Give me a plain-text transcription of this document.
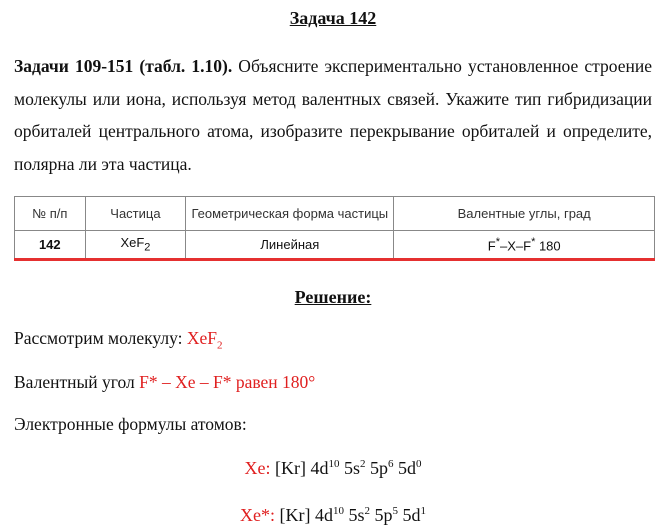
Задача 142
Задачи 109-151 (табл. 1.10). Объясните экспериментально установленное строение молекулы или иона, используя метод валентных связей. Укажите тип гибридизации орбиталей центрального атома, изобразите перекрывание орбиталей и определите, полярна ли эта частица.
№ п/п	Частица	Геометрическая форма частицы	Валентные углы, град
142	XeF$_2$	Линейная	F*–X–F* 180
Решение:
Рассмотрим молекулу: XeF$_2$
Валентный угол F* – Xe – F* равен 180°
Электронные формулы атомов:
Xe: [Kr] $4d^{10}$ $5s^2$ $5p^6$ $5d^0$
Xe*: [Kr] $4d^{10}$ $5s^2$ $5p^5$ $5d^1$
